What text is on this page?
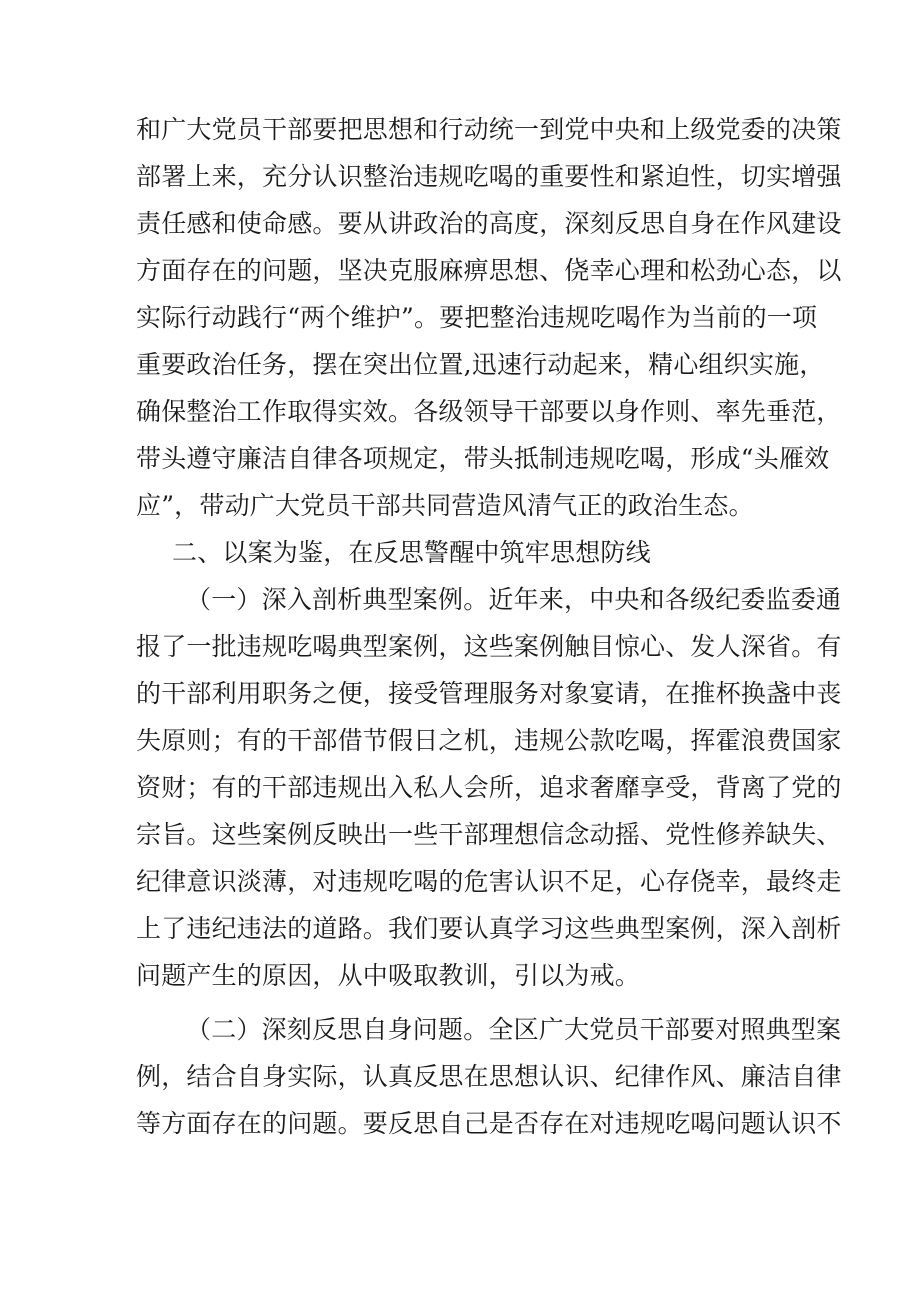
和广大党员干部要把思想和行动统一到党中央和上级党委的决策

部署上来，充分认识整治违规吃喝的重要性和紧迫性，切实增强

责任感和使命感。要从讲政治的高度，深刻反思自身在作风建设

方面存在的问题，坚决克服麻痹思想、侥幸心理和松劲心态，以

实际行动践行“两个维护”。要把整治违规吃喝作为当前的一项

重要政治任务，摆在突出位置,迅速行动起来，精心组织实施，

确保整治工作取得实效。各级领导干部要以身作则、率先垂范，

带头遵守廉洁自律各项规定，带头抵制违规吃喝，形成“头雁效

应”，带动广大党员干部共同营造风清气正的政治生态。

二、以案为鉴，在反思警醒中筑牢思想防线

（一）深入剖析典型案例。近年来，中央和各级纪委监委通

报了一批违规吃喝典型案例，这些案例触目惊心、发人深省。有

的干部利用职务之便，接受管理服务对象宴请，在推杯换盏中丧

失原则；有的干部借节假日之机，违规公款吃喝，挥霍浪费国家

资财；有的干部违规出入私人会所，追求奢靡享受，背离了党的

宗旨。这些案例反映出一些干部理想信念动摇、党性修养缺失、

纪律意识淡薄，对违规吃喝的危害认识不足，心存侥幸，最终走

上了违纪违法的道路。我们要认真学习这些典型案例，深入剖析

问题产生的原因，从中吸取教训，引以为戒。

（二）深刻反思自身问题。全区广大党员干部要对照典型案

例，结合自身实际，认真反思在思想认识、纪律作风、廉洁自律

等方面存在的问题。要反思自己是否存在对违规吃喝问题认识不
